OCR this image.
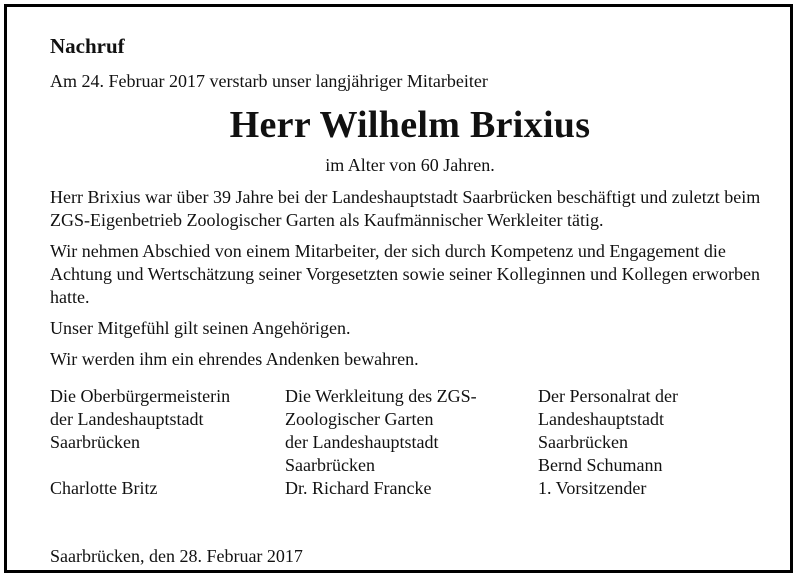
Nachruf
Am 24. Februar 2017 verstarb unser langjähriger Mitarbeiter
Herr Wilhelm Brixius
im Alter von 60 Jahren.
Herr Brixius war über 39 Jahre bei der Landeshauptstadt Saarbrücken beschäftigt und zuletzt beim ZGS-Eigenbetrieb Zoologischer Garten als Kaufmännischer Werkleiter tätig.
Wir nehmen Abschied von einem Mitarbeiter, der sich durch Kompetenz und Engagement die Achtung und Wertschätzung seiner Vorgesetzten sowie seiner Kolleginnen und Kollegen erworben hatte.
Unser Mitgefühl gilt seinen Angehörigen.
Wir werden ihm ein ehrendes Andenken bewahren.
Die Oberbürgermeisterin
der Landeshauptstadt
Saarbrücken
Charlotte Britz
Die Werkleitung des ZGS-
Zoologischer Garten
der Landeshauptstadt
Saarbrücken
Dr. Richard Francke
Der Personalrat der
Landeshauptstadt
Saarbrücken
Bernd Schumann
1. Vorsitzender
Saarbrücken, den 28. Februar 2017
